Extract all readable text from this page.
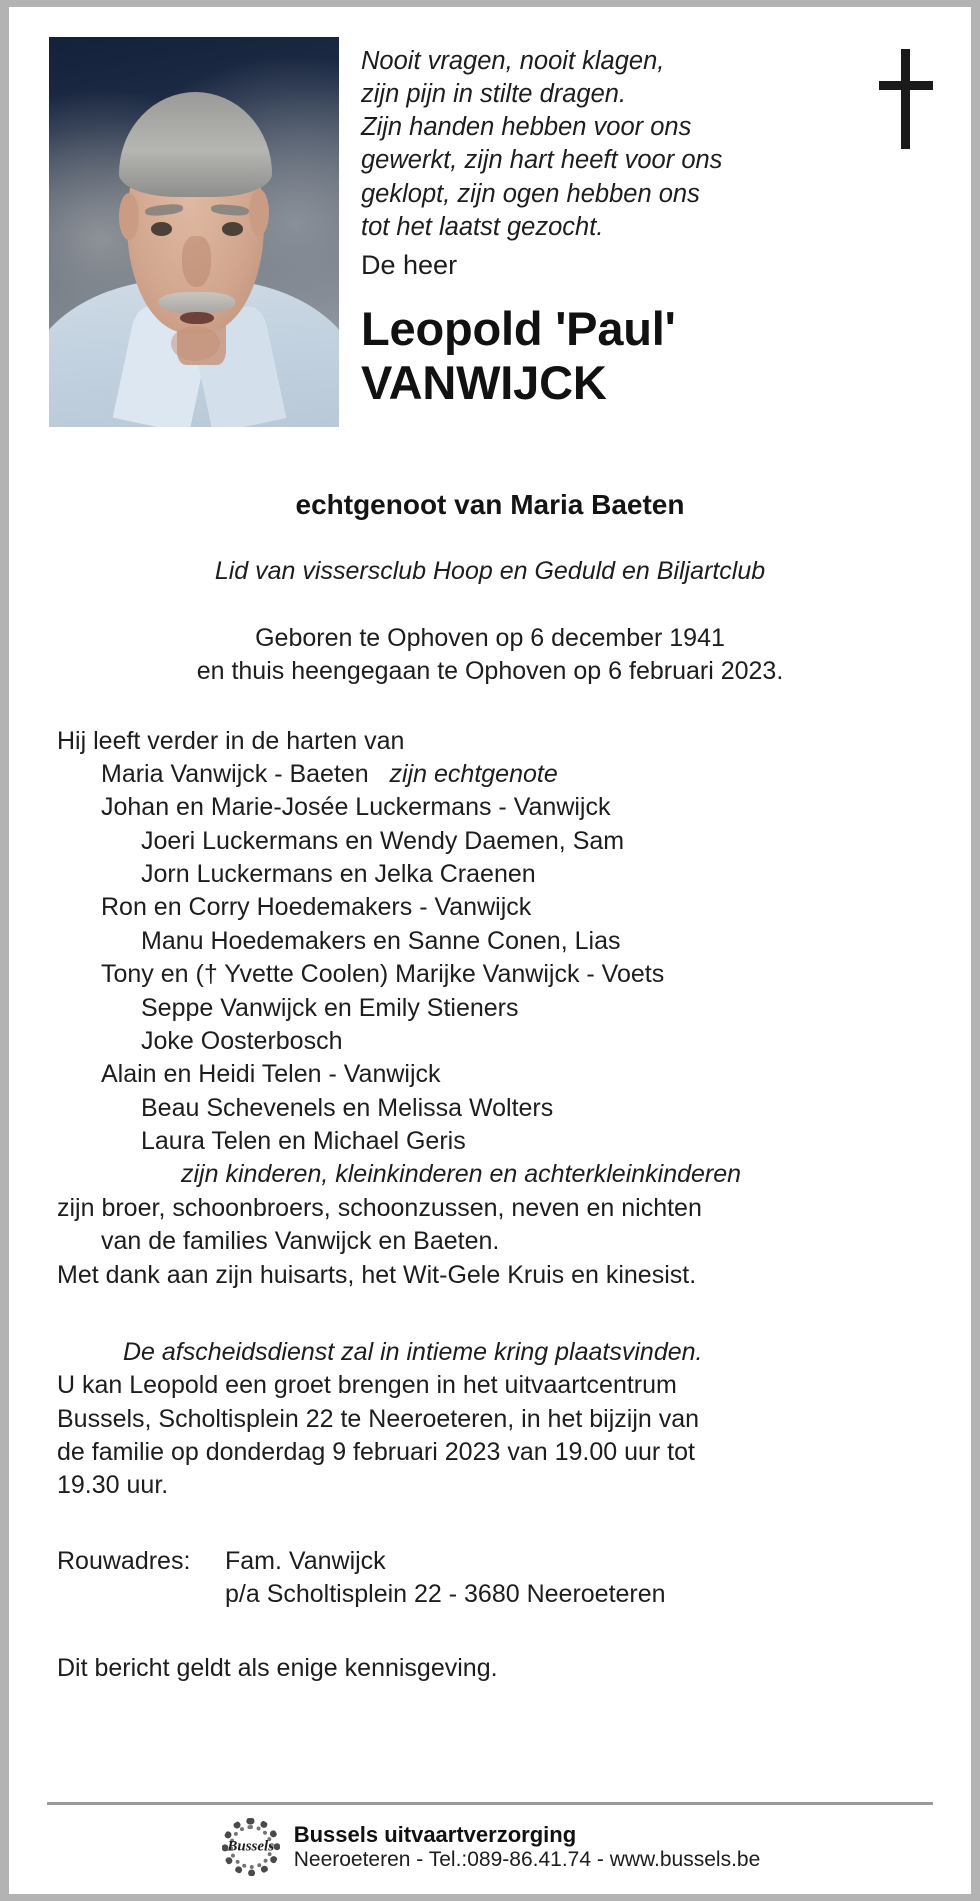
Nooit vragen, nooit klagen,
zijn pijn in stilte dragen.
Zijn handen hebben voor ons
gewerkt, zijn hart heeft voor ons
geklopt, zijn ogen hebben ons
tot het laatst gezocht.
De heer
Leopold 'Paul'
VANWIJCK
echtgenoot van Maria Baeten
Lid van vissersclub Hoop en Geduld en Biljartclub
Geboren te Ophoven op 6 december 1941
en thuis heengegaan te Ophoven op 6 februari 2023.
Hij leeft verder in de harten van
Maria Vanwijck - Baeten zijn echtgenote
Johan en Marie-Josée Luckermans - Vanwijck
Joeri Luckermans en Wendy Daemen, Sam
Jorn Luckermans en Jelka Craenen
Ron en Corry Hoedemakers - Vanwijck
Manu Hoedemakers en Sanne Conen, Lias
Tony en († Yvette Coolen) Marijke Vanwijck - Voets
Seppe Vanwijck en Emily Stieners
Joke Oosterbosch
Alain en Heidi Telen - Vanwijck
Beau Schevenels en Melissa Wolters
Laura Telen en Michael Geris
zijn kinderen, kleinkinderen en achterkleinkinderen
zijn broer, schoonbroers, schoonzussen, neven en nichten
van de families Vanwijck en Baeten.
Met dank aan zijn huisarts, het Wit-Gele Kruis en kinesist.
De afscheidsdienst zal in intieme kring plaatsvinden.
U kan Leopold een groet brengen in het uitvaartcentrum
Bussels, Scholtisplein 22 te Neeroeteren, in het bijzijn van
de familie op donderdag 9 februari 2023 van 19.00 uur tot
19.30 uur.
Rouwadres:	Fam. Vanwijck
p/a Scholtisplein 22 - 3680 Neeroeteren
Dit bericht geldt als enige kennisgeving.
Bussels Bussels uitvaartverzorging
Neeroeteren - Tel.:089-86.41.74 - www.bussels.be
